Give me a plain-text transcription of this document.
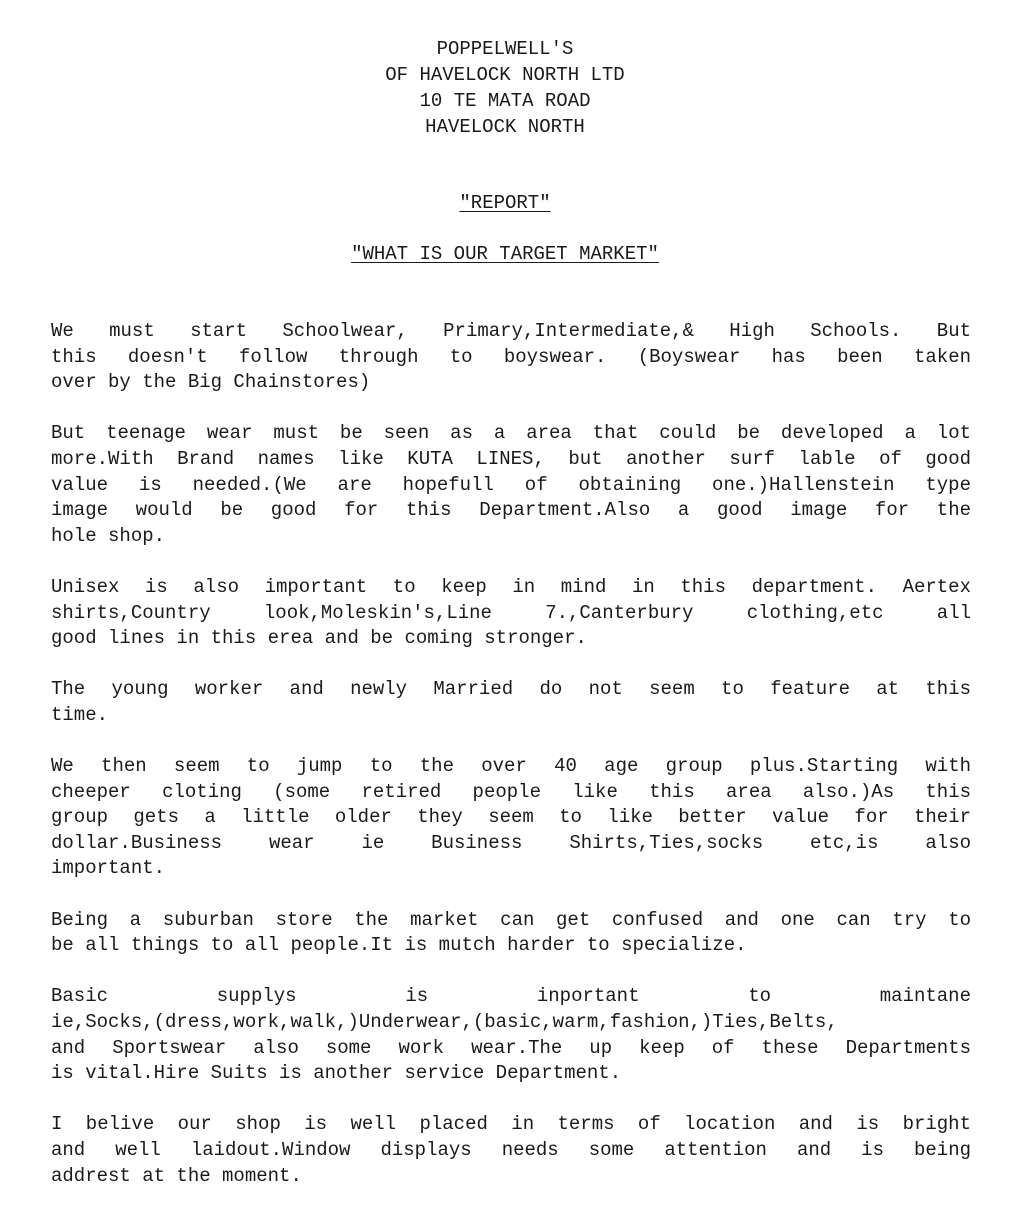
POPPELWELL'S
OF HAVELOCK NORTH LTD
10 TE MATA ROAD
HAVELOCK NORTH
"REPORT"
"WHAT IS OUR TARGET MARKET"

We must start Schoolwear, Primary,Intermediate,& High Schools. But
this doesn't follow through to boyswear. (Boyswear has been taken
over by the Big Chainstores)

But teenage wear must be seen as a area that could be developed a lot
more.With Brand names like KUTA LINES, but another surf lable of good
value is needed.(We are hopefull of obtaining one.)Hallenstein type
image would be good for this Department.Also a good image for the
hole shop.

Unisex is also important to keep in mind in this department. Aertex
shirts,Country look,Moleskin's,Line 7.,Canterbury clothing,etc all
good lines in this erea and be coming stronger.

The young worker and newly Married do not seem to feature at this
time.

We then seem to jump to the over 40 age group plus.Starting with
cheeper cloting (some retired people like this area also.)As this
group gets a little older they seem to like better value for their
dollar.Business wear ie Business Shirts,Ties,socks etc,is also
important.

Being a suburban store the market can get confused and one can try to
be all things to all people.It is mutch harder to specialize.

Basic supplys is inportant to maintane
ie,Socks,(dress,work,walk,)Underwear,(basic,warm,fashion,)Ties,Belts,
and Sportswear also some work wear.The up keep of these Departments
is vital.Hire Suits is another service Department.

I belive our shop is well placed in terms of location and is bright
and well laidout.Window displays needs some attention and is being
addrest at the moment.
